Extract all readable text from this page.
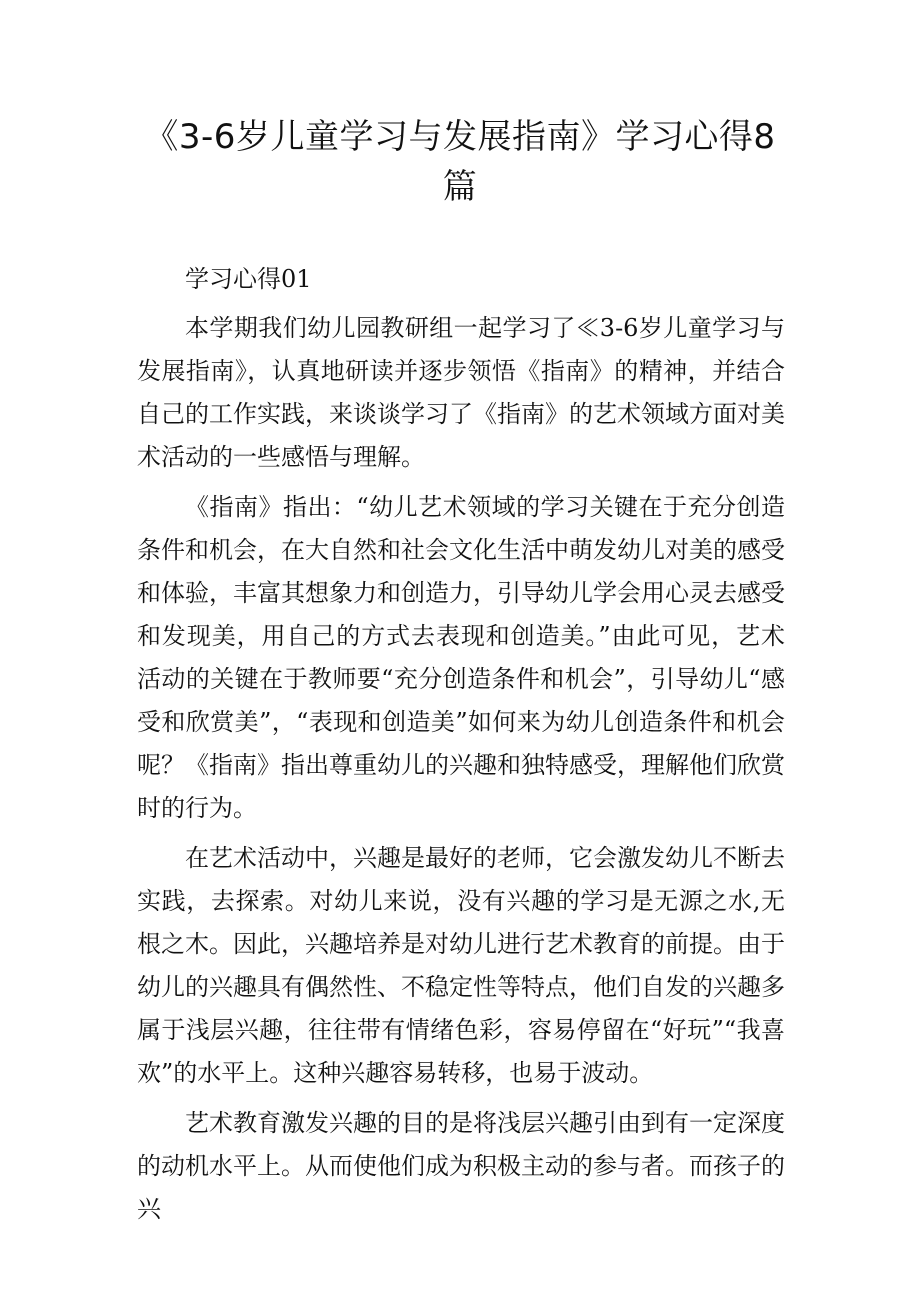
《3-6岁儿童学习与发展指南》学习心得8篇

学习心得01

本学期我们幼儿园教研组一起学习了≪3-6岁儿童学习与发展指南》，认真地研读并逐步领悟《指南》的精神，并结合自己的工作实践，来谈谈学习了《指南》的艺术领域方面对美术活动的一些感悟与理解。

《指南》指出：“幼儿艺术领域的学习关键在于充分创造条件和机会，在大自然和社会文化生活中萌发幼儿对美的感受和体验，丰富其想象力和创造力，引导幼儿学会用心灵去感受和发现美，用自己的方式去表现和创造美。”由此可见，艺术活动的关键在于教师要“充分创造条件和机会”，引导幼儿“感受和欣赏美”，“表现和创造美”如何来为幼儿创造条件和机会呢？《指南》指出尊重幼儿的兴趣和独特感受，理解他们欣赏时的行为。

在艺术活动中，兴趣是最好的老师，它会激发幼儿不断去实践，去探索。对幼儿来说，没有兴趣的学习是无源之水,无根之木。因此，兴趣培养是对幼儿进行艺术教育的前提。由于幼儿的兴趣具有偶然性、不稳定性等特点，他们自发的兴趣多属于浅层兴趣，往往带有情绪色彩，容易停留在“好玩”“我喜欢”的水平上。这种兴趣容易转移，也易于波动。

艺术教育激发兴趣的目的是将浅层兴趣引由到有一定深度的动机水平上。从而使他们成为积极主动的参与者。而孩子的兴
